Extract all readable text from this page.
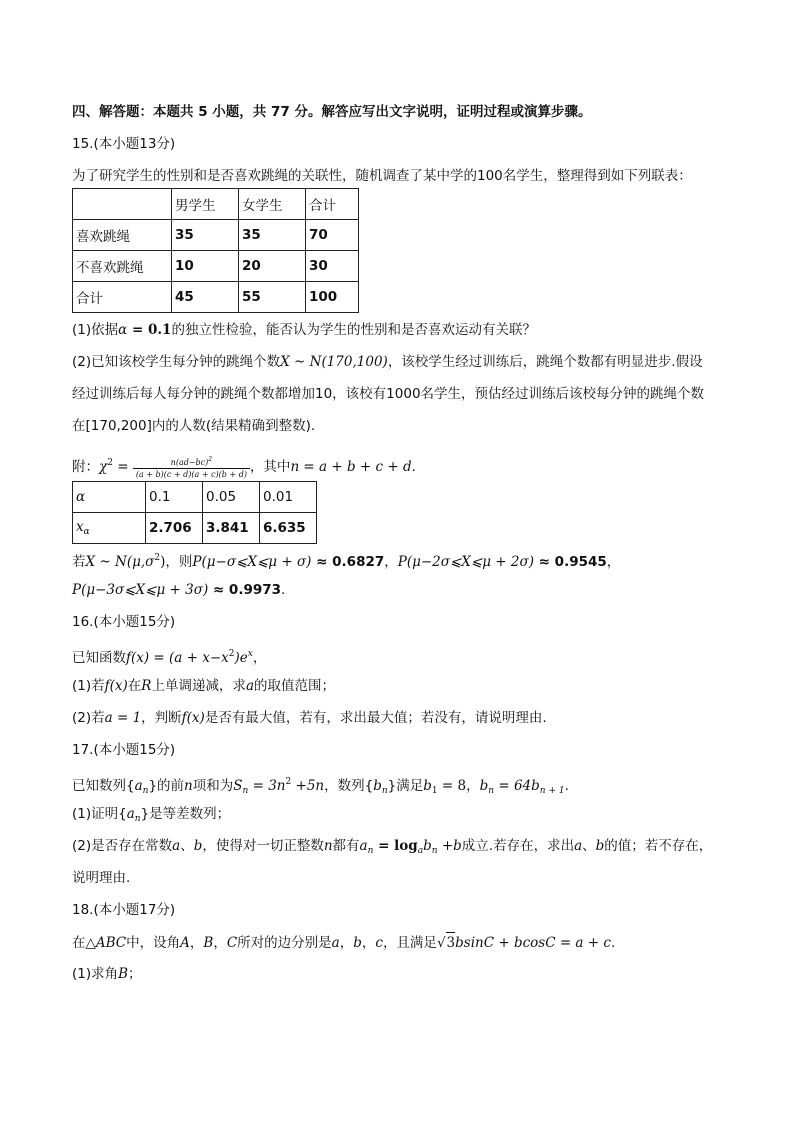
四、解答题：本题共 5 小题，共 77 分。解答应写出文字说明，证明过程或演算步骤。
15.(本小题13分)
为了研究学生的性别和是否喜欢跳绳的关联性，随机调查了某中学的100名学生，整理得到如下列联表：
	男学生	女学生	合计
喜欢跳绳	35	35	70
不喜欢跳绳	10	20	30
合计	45	55	100
(1)依据α = 0.1的独立性检验，能否认为学生的性别和是否喜欢运动有关联？
(2)已知该校学生每分钟的跳绳个数X ~ N(170,100)，该校学生经过训练后，跳绳个数都有明显进步.假设
经过训练后每人每分钟的跳绳个数都增加10，该校有1000名学生，预估经过训练后该校每分钟的跳绳个数
在[170,200]内的人数(结果精确到整数).
附：$\chi^2 = \frac{n(ad-bc)^2}{(a + b)(c + d)(a + c)(b + d)}$ ，其中n = a + b + c + d.
α	0.1	0.05	0.01
$x_\alpha$	2.706	3.841	6.635
若X ~ $N(\mu,\sigma^2)$，则P(μ−σ⩽X⩽μ + σ) ≈ 0.6827，P(μ−2σ⩽X⩽μ + 2σ) ≈ 0.9545，
P(μ−3σ⩽X⩽μ + 3σ) ≈ 0.9973.
16.(本小题15分)
已知函数$f(x) = (a + x-x^2)e^x$，
(1)若f(x)在R上单调递减，求a的取值范围；
(2)若a = 1，判断f(x)是否有最大值，若有，求出最大值；若没有，请说明理由.
17.(本小题15分)
已知数列$\{a_n\}$的前n项和为$S_n = 3n^2 +5n$，数列$\{b_n\}$满足$b_1 = 8$，$b_n = 64b_{n + 1}$.
(1)证明$\{a_n\}$是等差数列；
(2)是否存在常数a、b，使得对一切正整数n都有$a_n = \log_ab_n +b$成立.若存在，求出a、b的值；若不存在，
说明理由.
18.(本小题17分)
在△ABC中，设角A，B，C所对的边分别是a，b，c，且满足√3bsinC + bcosC = a + c.
(1)求角B；
